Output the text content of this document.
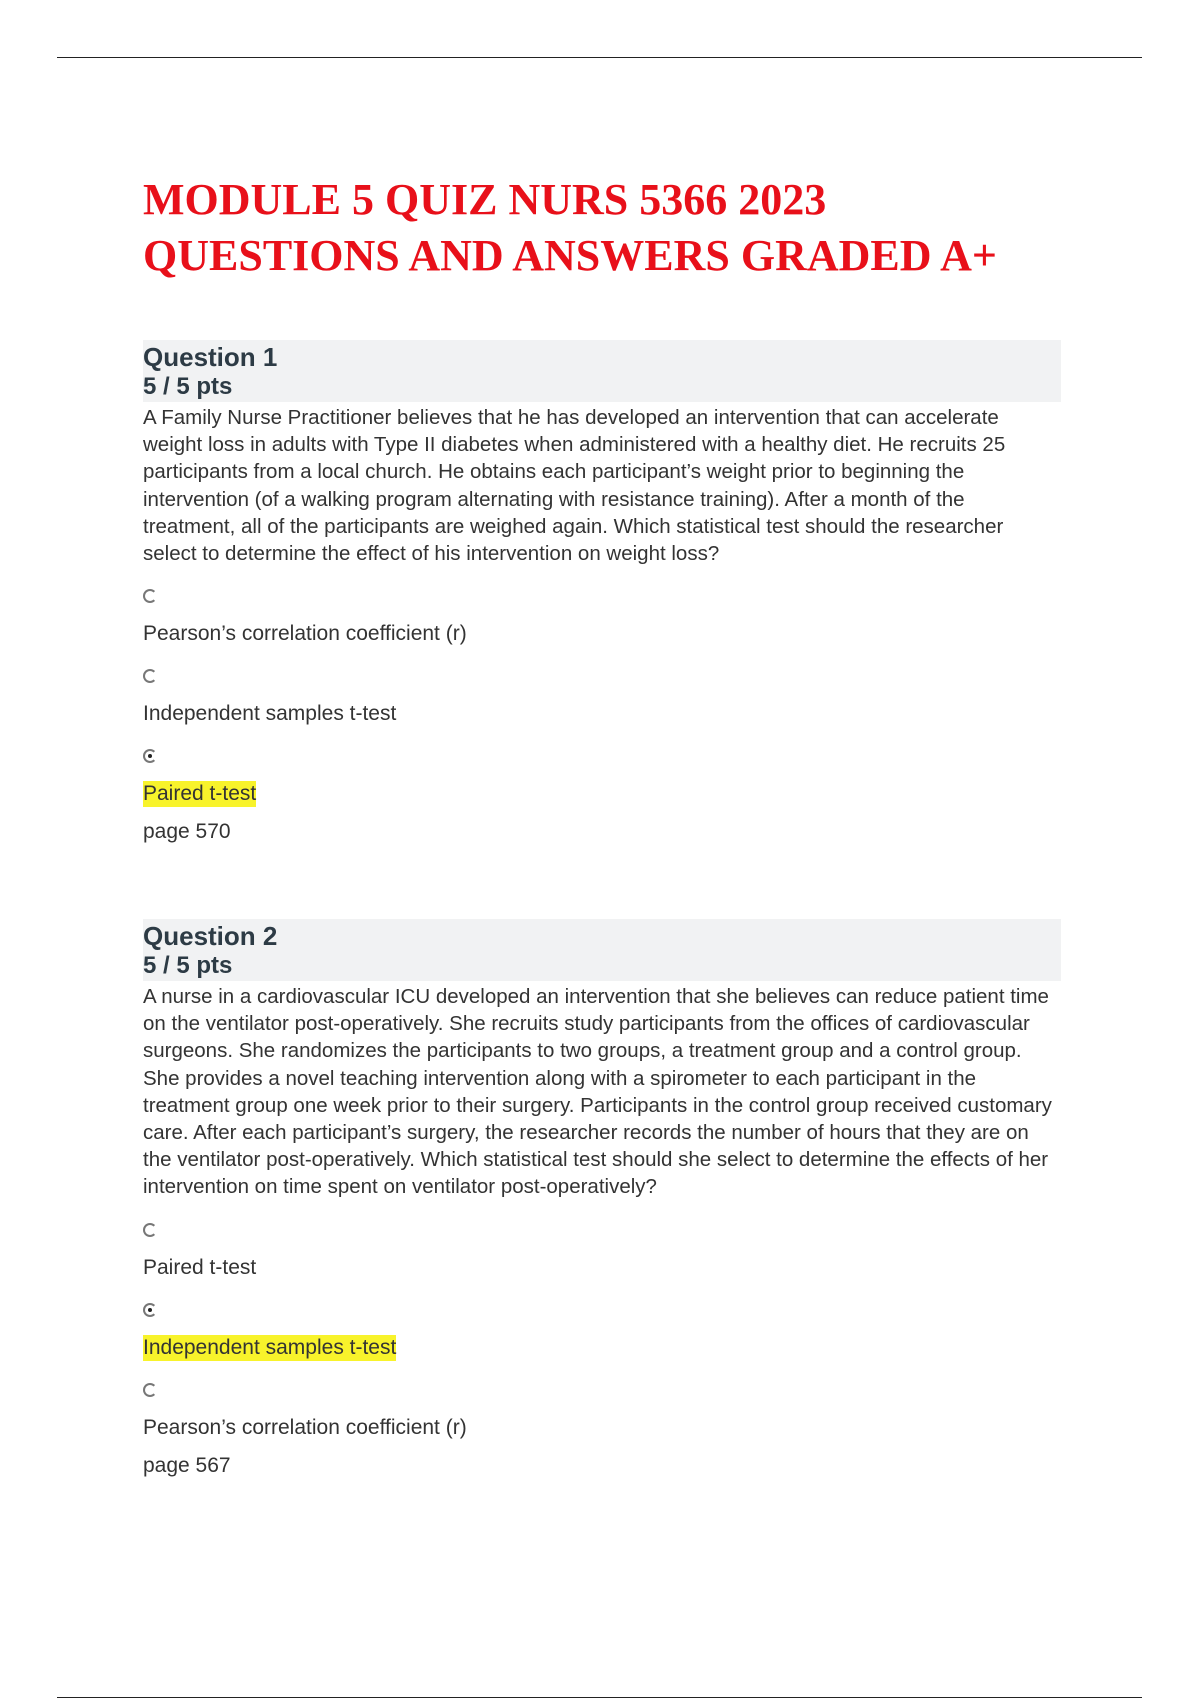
MODULE 5 QUIZ NURS 5366 2023
QUESTIONS AND ANSWERS GRADED A+
Question 1
5 / 5 pts

A Family Nurse Practitioner believes that he has developed an intervention that can accelerate weight loss in adults with Type II diabetes when administered with a healthy diet. He recruits 25 participants from a local church. He obtains each participant’s weight prior to beginning the intervention (of a walking program alternating with resistance training). After a month of the treatment, all of the participants are weighed again. Which statistical test should the researcher select to determine the effect of his intervention on weight loss?

Pearson’s correlation coefficient (r)
Independent samples t-test
Paired t-test
page 570
Question 2
5 / 5 pts

A nurse in a cardiovascular ICU developed an intervention that she believes can reduce patient time on the ventilator post-operatively. She recruits study participants from the offices of cardiovascular surgeons. She randomizes the participants to two groups, a treatment group and a control group. She provides a novel teaching intervention along with a spirometer to each participant in the treatment group one week prior to their surgery. Participants in the control group received customary care. After each participant’s surgery, the researcher records the number of hours that they are on the ventilator post-operatively. Which statistical test should she select to determine the effects of her intervention on time spent on ventilator post-operatively?

Paired t-test
Independent samples t-test
Pearson’s correlation coefficient (r)
page 567
